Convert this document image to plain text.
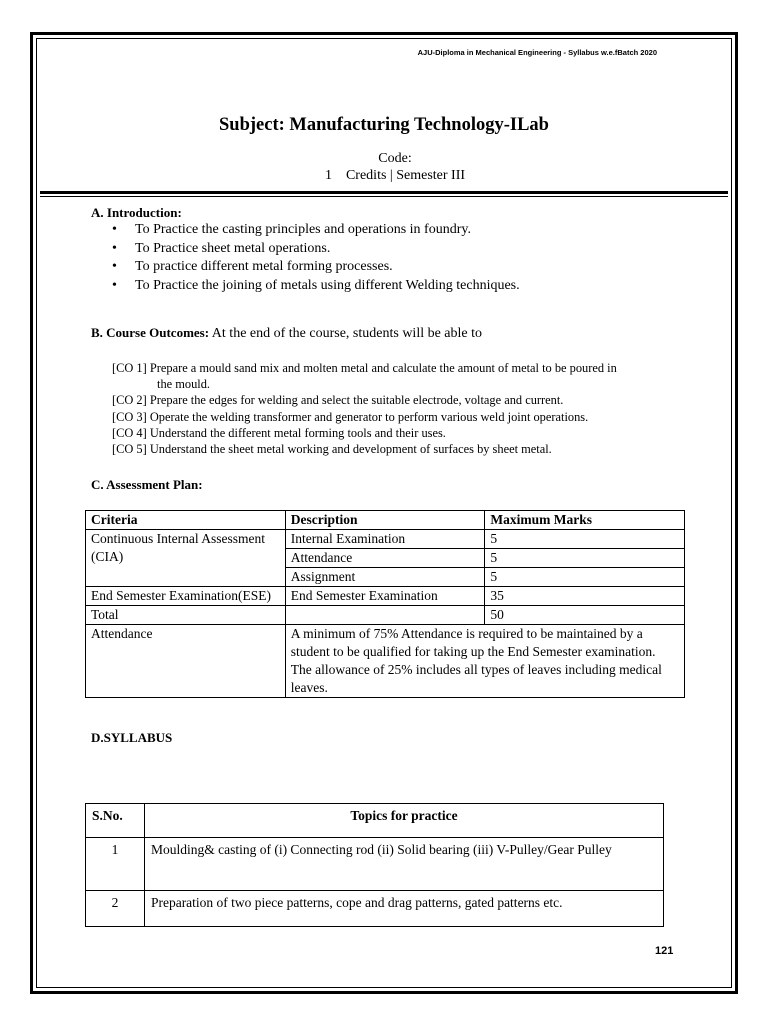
AJU-Diploma in Mechanical Engineering - Syllabus w.e.fBatch 2020
Subject: Manufacturing Technology-ILab
Code:
1    Credits | Semester III
A. Introduction:
• To Practice the casting principles and operations in foundry.
• To Practice sheet metal operations.
• To practice different metal forming processes.
• To Practice the joining of metals using different Welding techniques.
B. Course Outcomes: At the end of the course, students will be able to
[CO 1] Prepare a mould sand mix and molten metal and calculate the amount of metal to be poured in
the mould.
[CO 2] Prepare the edges for welding and select the suitable electrode, voltage and current.
[CO 3] Operate the welding transformer and generator to perform various weld joint operations.
[CO 4] Understand the different metal forming tools and their uses.
[CO 5] Understand the sheet metal working and development of surfaces by sheet metal.
C. Assessment Plan:
Criteria	Description	Maximum Marks
Continuous Internal Assessment (CIA)	Internal Examination	5
	Attendance	5
	Assignment	5
End Semester Examination(ESE)	End Semester Examination	35
Total		50
Attendance	A minimum of 75% Attendance is required to be maintained by a student to be qualified for taking up the End Semester examination. The allowance of 25% includes all types of leaves including medical leaves.	
D.SYLLABUS
S.No.	Topics for practice
1	Moulding& casting of (i) Connecting rod (ii) Solid bearing (iii) V-Pulley/Gear Pulley
2	Preparation of two piece patterns, cope and drag patterns, gated patterns etc.
121
